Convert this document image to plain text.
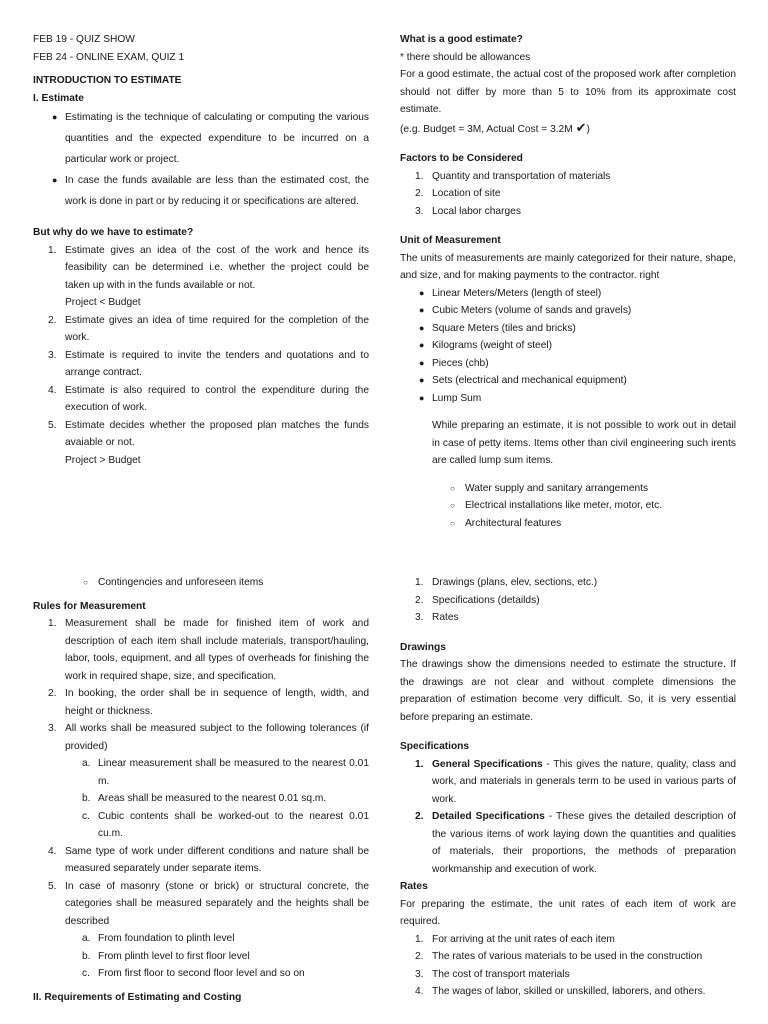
FEB 19 - QUIZ SHOW

FEB 24 - ONLINE EXAM, QUIZ 1

INTRODUCTION TO ESTIMATE

I. Estimate

● Estimating is the technique of calculating or computing the various quantities and the expected expenditure to be incurred on a particular work or project.
● In case the funds available are less than the estimated cost, the work is done in part or by reducing it or specifications are altered.

But why do we have to estimate?

1. Estimate gives an idea of the cost of the work and hence its feasibility can be determined i.e. whether the project could be taken up with in the funds available or not.
Project < Budget
2. Estimate gives an idea of time required for the completion of the work.
3. Estimate is required to invite the tenders and quotations and to arrange contract.
4. Estimate is also required to control the expenditure during the execution of work.
5. Estimate decides whether the proposed plan matches the funds avaiable or not.
Project > Budget

What is a good estimate?

* there should be allowances

For a good estimate, the actual cost of the proposed work after completion should not differ by more than 5 to 10% from its approximate cost estimate.

(e.g. Budget = 3M, Actual Cost = 3.2M ✔)

Factors to be Considered

1. Quantity and transportation of materials
2. Location of site
3. Local labor charges

Unit of Measurement

The units of measurements are mainly categorized for their nature, shape, and size, and for making payments to the contractor. right

● Linear Meters/Meters (length of steel)
● Cubic Meters (volume of sands and gravels)
● Square Meters (tiles and bricks)
● Kilograms (weight of steel)
● Pieces (chb)
● Sets (electrical and mechanical equipment)
● Lump Sum

While preparing an estimate, it is not possible to work out in detail in case of petty items. Items other than civil engineering such irents are called lump sum items.

○ Water supply and sanitary arrangements
○ Electrical installations like meter, motor, etc.
○ Architectural features
○ Contingencies and unforeseen items

Rules for Measurement

1. Measurement shall be made for finished item of work and description of each item shall include materials, transport/hauling, labor, tools, equipment, and all types of overheads for finishing the work in required shape, size, and specification.
2. In booking, the order shall be in sequence of length, width, and height or thickness.
3. All works shall be measured subject to the following tolerances (if provided)
a. Linear measurement shall be measured to the nearest 0.01 m.
b. Areas shall be measured to the nearest 0.01 sq.m.
c. Cubic contents shall be worked-out to the nearest 0.01 cu.m.
4. Same type of work under different conditions and nature shall be measured separately under separate items.
5. In case of masonry (stone or brick) or structural concrete, the categories shall be measured separately and the heights shall be described
a. From foundation to plinth level
b. From plinth level to first floor level
c. From first floor to second floor level and so on

II. Requirements of Estimating and Costing

1. Drawings (plans, elev, sections, etc.)
2. Specifications (detailds)
3. Rates

Drawings

The drawings show the dimensions needed to estimate the structure. If the drawings are not clear and without complete dimensions the preparation of estimation become very difficult. So, it is very essential before preparing an estimate.

Specifications

1. General Specifications - This gives the nature, quality, class and work, and materials in generals term to be used in various parts of work.
2. Detailed Specifications - These gives the detailed description of the various items of work laying down the quantities and qualities of materials, their proportions, the methods of preparation workmanship and execution of work.

Rates

For preparing the estimate, the unit rates of each item of work are required.

1. For arriving at the unit rates of each item
2. The rates of various materials to be used in the construction
3. The cost of transport materials
4. The wages of labor, skilled or unskilled, laborers, and others.
